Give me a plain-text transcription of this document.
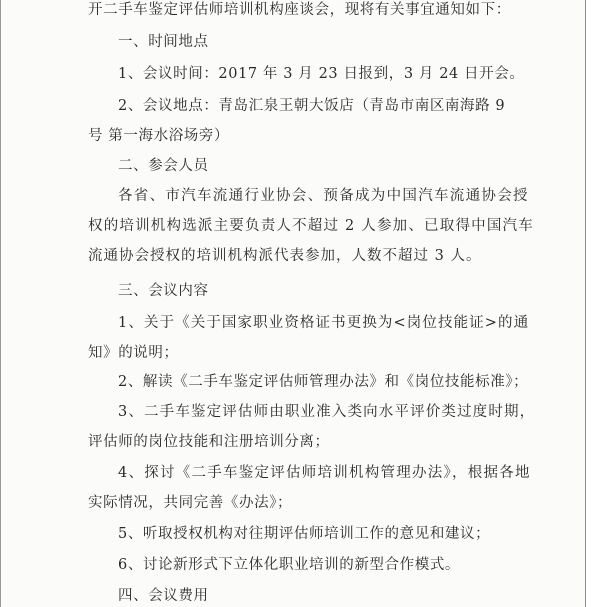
开二手车鉴定评估师培训机构座谈会，现将有关事宜通知如下：

一、时间地点

1、会议时间：2017 年 3 月 23 日报到，3 月 24 日开会。

2、会议地点：青岛汇泉王朝大饭店（青岛市南区南海路 9

号 第一海水浴场旁）

二、参会人员

各省、市汽车流通行业协会、预备成为中国汽车流通协会授

权的培训机构选派主要负责人不超过 2 人参加、已取得中国汽车

流通协会授权的培训机构派代表参加，人数不超过 3 人。

三、会议内容

1、关于《关于国家职业资格证书更换为<岗位技能证>的通

知》的说明；

2、解读《二手车鉴定评估师管理办法》和《岗位技能标准》；

3、二手车鉴定评估师由职业准入类向水平评价类过度时期，

评估师的岗位技能和注册培训分离；

4、探讨《二手车鉴定评估师培训机构管理办法》，根据各地

实际情况，共同完善《办法》；

5、听取授权机构对往期评估师培训工作的意见和建议；

6、讨论新形式下立体化职业培训的新型合作模式。

四、会议费用
